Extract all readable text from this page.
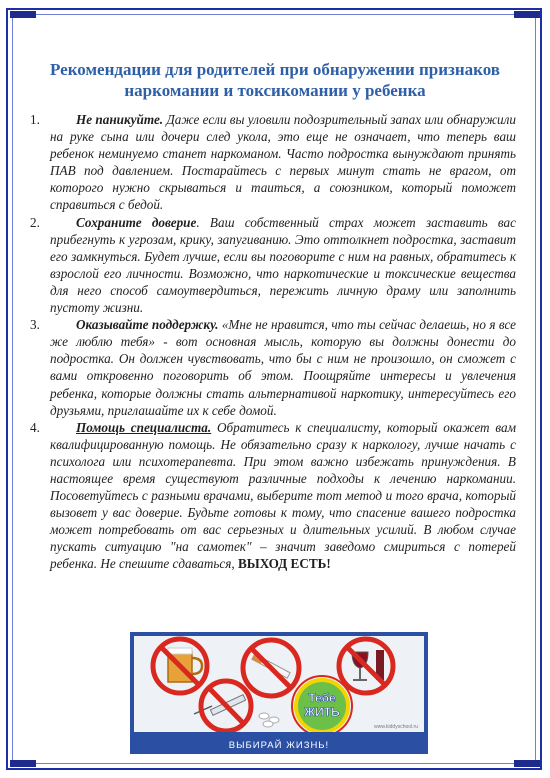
Рекомендации для родителей при обнаружении признаков наркомании и токсикомании у ребенка
1.	Не паникуйте. Даже если вы уловили подозрительный запах или обнаружили на руке сына или дочери след укола, это еще не означает, что теперь ваш ребенок неминуемо станет наркоманом. Часто подростка вынуждают принять ПАВ под давлением. Постарайтесь с первых минут стать не врагом, от которого нужно скрываться и таиться, а союзником, который поможет справиться с бедой.

2.	Сохраните доверие. Ваш собственный страх может заставить вас прибегнуть к угрозам, крику, запугиванию. Это оттолкнет подростка, заставит его замкнуться. Будет лучше, если вы поговорите с ним на равных, обратитесь к взрослой его личности. Возможно, что наркотические и токсические вещества для него способ самоутвердиться, пережить личную драму или заполнить пустоту жизни.

3.	Оказывайте поддержку. «Мне не нравится, что ты сейчас делаешь, но я все же люблю тебя» - вот основная мысль, которую вы должны донести до подростка. Он должен чувствовать, что бы с ним не произошло, он сможет с вами откровенно поговорить об этом. Поощряйте интересы и увлечения ребенка, которые должны стать альтернативой наркотику, интересуйтесь его друзьями, приглашайте их к себе домой.

4.	Помощь специалиста. Обратитесь к специалисту, который окажет вам квалифицированную помощь. Не обязательно сразу к наркологу, лучше начать с психолога или психотерапевта. При этом важно избежать принуждения. В настоящее время существуют различные подходы к лечению наркомании. Посоветуйтесь с разными врачами, выберите тот метод и того врача, который вызовет у вас доверие. Будьте готовы к тому, что спасение вашего подростка может потребовать от вас серьезных и длительных усилий. В любом случае пускать ситуацию "на самотек" – значит заведомо смириться с потерей ребенка. Не спешите сдаваться, ВЫХОД ЕСТЬ!

Тебе
ЖИТЬ
www.kiddyschool.ru
ВЫБИРАЙ ЖИЗНЬ!
